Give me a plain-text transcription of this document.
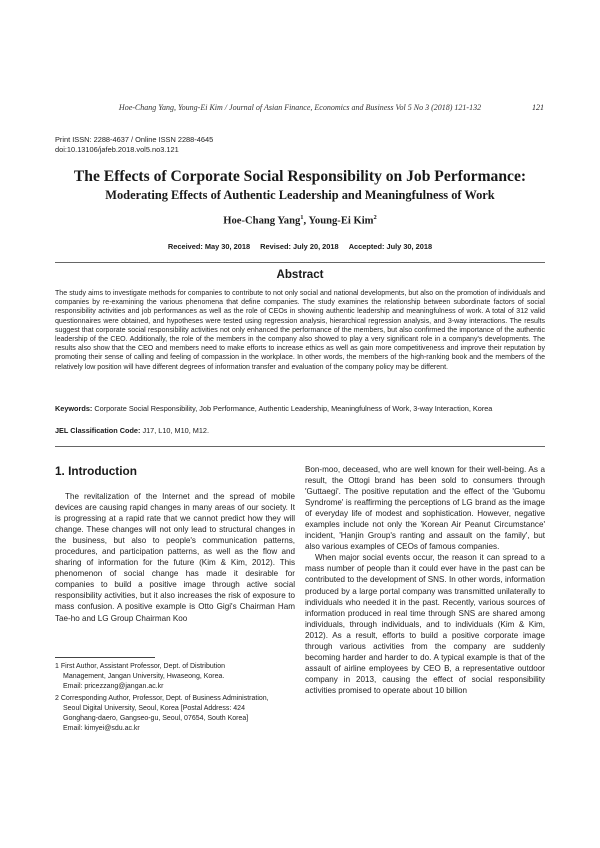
Hoe-Chang Yang, Young-Ei Kim / Journal of Asian Finance, Economics and Business Vol 5 No 3 (2018) 121-132	121
Print ISSN: 2288-4637 / Online ISSN 2288-4645
doi:10.13106/jafeb.2018.vol5.no3.121
The Effects of Corporate Social Responsibility on Job Performance:
Moderating Effects of Authentic Leadership and Meaningfulness of Work
Hoe-Chang Yang$^1$, Young-Ei Kim$^2$
Received: May 30, 2018 Revised: July 20, 2018 Accepted: July 30, 2018
Abstract
The study aims to investigate methods for companies to contribute to not only social and national developments, but also on the promotion of individuals and companies by re-examining the various phenomena that define companies. The study examines the relationship between subordinate factors of social responsibility activities and job performances as well as the role of CEOs in showing authentic leadership and meaningfulness of work. A total of 312 valid questionnaires were obtained, and hypotheses were tested using regression analysis, hierarchical regression analysis, and 3-way interactions. The results suggest that corporate social responsibility activities not only enhanced the performance of the members, but also confirmed the importance of the authentic leadership of the CEO. Additionally, the role of the members in the company also showed to play a very significant role in a company's developments. The results also show that the CEO and members need to make efforts to increase ethics as well as gain more competitiveness and improve their reputation by promoting their sense of calling and feeling of compassion in the workplace. In other words, the members of the high-ranking book and the members of the relatively low position will have different degrees of information transfer and evaluation of the company policy may be different.
Keywords: Corporate Social Responsibility, Job Performance, Authentic Leadership, Meaningfulness of Work, 3-way Interaction, Korea
JEL Classification Code: J17, L10, M10, M12.
1. Introduction

The revitalization of the Internet and the spread of mobile devices are causing rapid changes in many areas of our society. It is progressing at a rapid rate that we cannot predict how they will change. These changes will not only lead to structural changes in the business, but also to people's communication patterns, procedures, and participation patterns, as well as the flow and sharing of information for the future (Kim & Kim, 2012). This phenomenon of social change has made it desirable for companies to build a positive image through active social responsibility activities, but it also increases the risk of exposure to mass confusion. A positive example is Otto Gigi's Chairman Ham Tae-ho and LG Group Chairman Koo

Bon-moo, deceased, who are well known for their well-being. As a result, the Ottogi brand has been sold to consumers through 'Guttaegi'. The positive reputation and the effect of the 'Gubomu Syndrome' is reaffirming the perceptions of LG brand as the image of everyday life of modest and sophistication. However, negative examples include not only the 'Korean Air Peanut Circumstance' incident, 'Hanjin Group's ranting and assault on the family', but also various examples of CEOs of famous companies.

When major social events occur, the reason it can spread to a mass number of people than it could ever have in the past can be contributed to the development of SNS. In other words, information produced by a large portal company was transmitted unilaterally to individuals who needed it in the past. Recently, various sources of information produced in real time through SNS are shared among individuals, through individuals, and to individuals (Kim & Kim, 2012). As a result, efforts to build a positive corporate image through various activities from the company are suddenly becoming harder and harder to do. A typical example is that of the assault of airline employees by CEO B, a representative outdoor company in 2013, causing the effect of social responsibility activities promised to operate about 10 billion

1 First Author, Assistant Professor, Dept. of Distribution
Management, Jangan University, Hwaseong, Korea.
Email: pricezzang@jangan.ac.kr
2 Corresponding Author, Professor, Dept. of Business Administration,
Seoul Digital University, Seoul, Korea [Postal Address: 424
Gonghang-daero, Gangseo-gu, Seoul, 07654, South Korea]
Email: kimyei@sdu.ac.kr
